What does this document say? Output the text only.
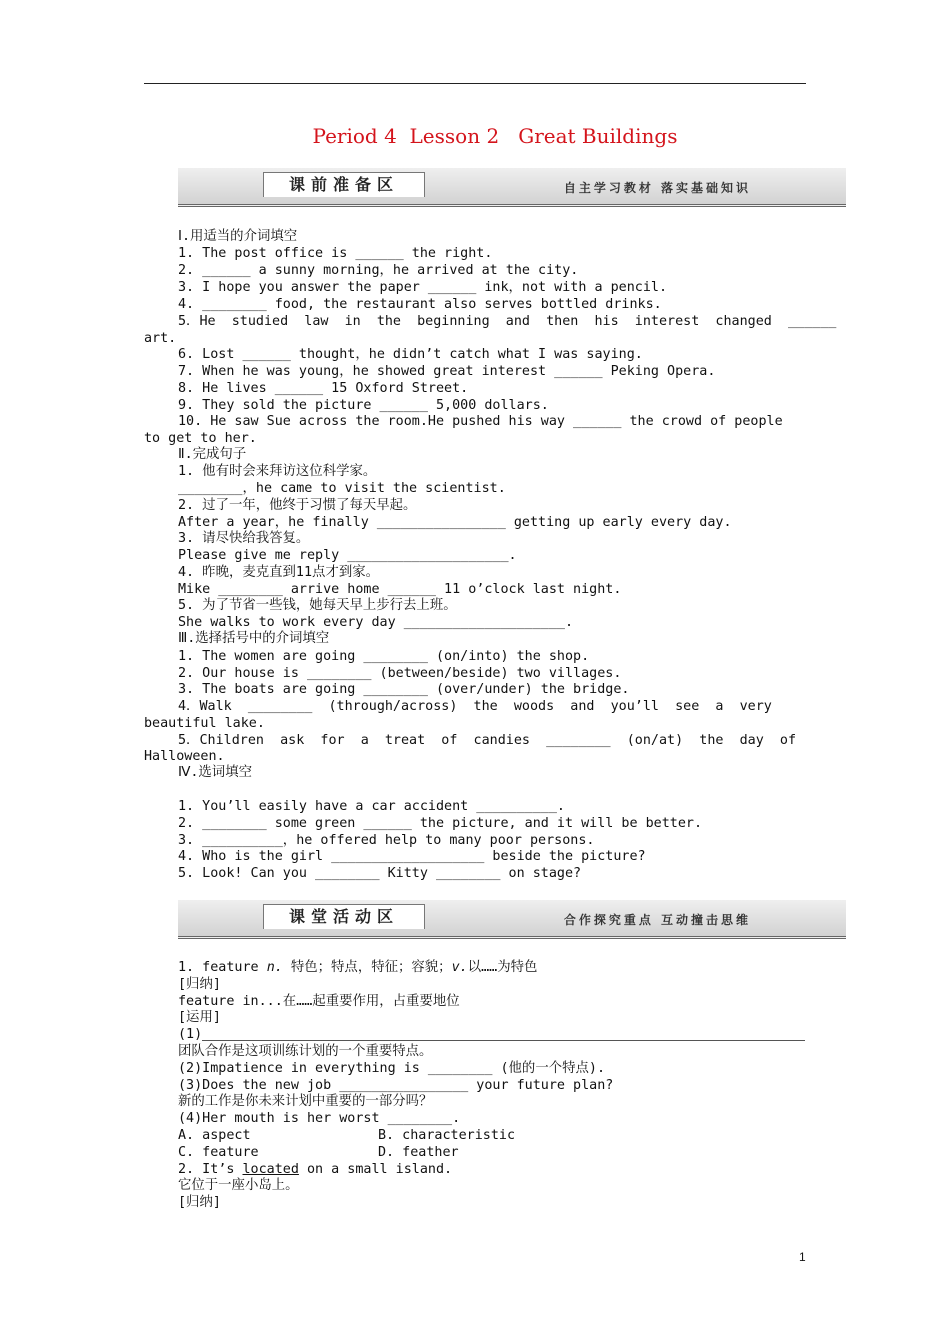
Period 4  Lesson 2   Great Buildings
课前准备区	自主学习教材 落实基础知识
Ⅰ.用适当的介词填空
1. The post office is ______ the right.
2. ______ a sunny morning，he arrived at the city.
3. I hope you answer the paper ______ ink，not with a pencil.
4. ________ food, the restaurant also serves bottled drinks.
5．He  studied  law  in  the  beginning  and  then  his  interest  changed  ______
art.
6. Lost ______ thought，he didn’t catch what I was saying.
7. When he was young，he showed great interest ______ Peking Opera.
8. He lives ______ 15 Oxford Street.
9. They sold the picture ______ 5,000 dollars.
10. He saw Sue across the room.He pushed his way ______ the crowd of people
to get to her.
Ⅱ.完成句子
1. 他有时会来拜访这位科学家。
________，he came to visit the scientist.
2. 过了一年，他终于习惯了每天早起。
After a year，he finally ________________ getting up early every day.
3. 请尽快给我答复。
Please give me reply ____________________.
4. 昨晚，麦克直到11点才到家。
Mike ________ arrive home ______ 11 o’clock last night.
5. 为了节省一些钱，她每天早上步行去上班。
She walks to work every day ____________________.
Ⅲ.选择括号中的介词填空
1. The women are going ________ (on/into) the shop.
2. Our house is ________ (between/beside) two villages.
3. The boats are going ________ (over/under) the bridge.
4．Walk  ________  (through/across)  the  woods  and  you’ll  see  a  very
beautiful lake.
5．Children  ask  for  a  treat  of  candies  ________  (on/at)  the  day  of
Halloween.
Ⅳ.选词填空
1. You’ll easily have a car accident __________.
2. ________ some green ______ the picture, and it will be better.
3. __________，he offered help to many poor persons.
4. Who is the girl ___________________ beside the picture?
5. Look! Can you ________ Kitty ________ on stage?
课堂活动区	合作探究重点 互动撞击思维
1. feature n. 特色；特点，特征；容貌；v.以……为特色
[归纳]
feature in...在……起重要作用，占重要地位
[运用]
(1)
团队合作是这项训练计划的一个重要特点。
(2)Impatience in everything is ________ (他的一个特点).
(3)Does the new job ________________ your future plan?
新的工作是你未来计划中重要的一部分吗？
(4)Her mouth is her worst ________.
A. aspect	B. characteristic
C. feature	D. feather
2. It’s located on a small island.
它位于一座小岛上。
[归纳]
1
